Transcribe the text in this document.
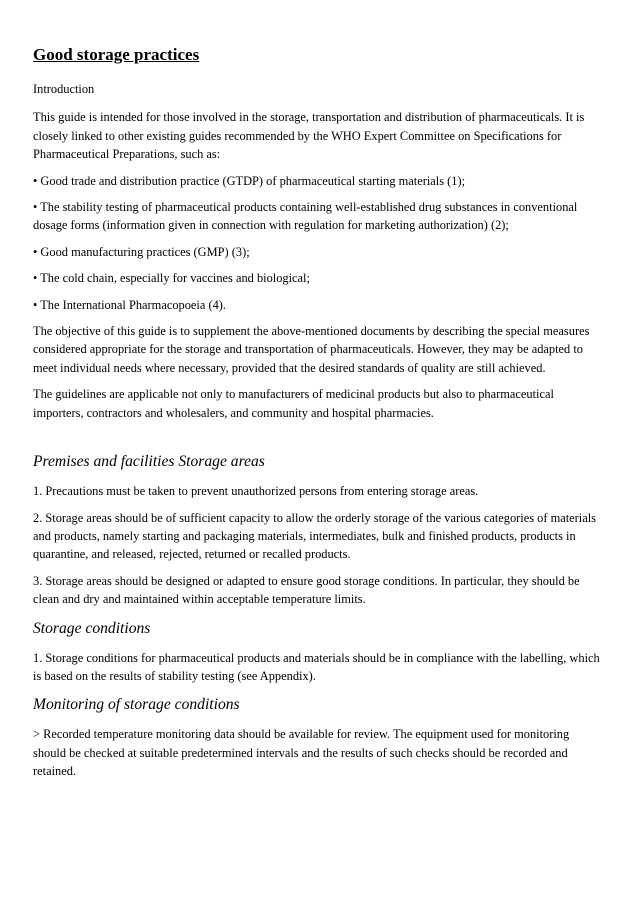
Good storage practices

Introduction

This guide is intended for those involved in the storage, transportation and distribution of pharmaceuticals. It is closely linked to other existing guides recommended by the WHO Expert Committee on Specifications for Pharmaceutical Preparations, such as:

• Good trade and distribution practice (GTDP) of pharmaceutical starting materials (1);

• The stability testing of pharmaceutical products containing well-established drug substances in conventional dosage forms (information given in connection with regulation for marketing authorization) (2);

• Good manufacturing practices (GMP) (3);

• The cold chain, especially for vaccines and biological;

• The International Pharmacopoeia (4).

The objective of this guide is to supplement the above-mentioned documents by describing the special measures considered appropriate for the storage and transportation of pharmaceuticals. However, they may be adapted to meet individual needs where necessary, provided that the desired standards of quality are still achieved.

The guidelines are applicable not only to manufacturers of medicinal products but also to pharmaceutical importers, contractors and wholesalers, and community and hospital pharmacies.

Premises and facilities Storage areas

1. Precautions must be taken to prevent unauthorized persons from entering storage areas.

2. Storage areas should be of sufficient capacity to allow the orderly storage of the various categories of materials and products, namely starting and packaging materials, intermediates, bulk and finished products, products in quarantine, and released, rejected, returned or recalled products.

3. Storage areas should be designed or adapted to ensure good storage conditions. In particular, they should be clean and dry and maintained within acceptable temperature limits.

Storage conditions

1. Storage conditions for pharmaceutical products and materials should be in compliance with the labelling, which is based on the results of stability testing (see Appendix).

Monitoring of storage conditions

> Recorded temperature monitoring data should be available for review. The equipment used for monitoring should be checked at suitable predetermined intervals and the results of such checks should be recorded and retained.
